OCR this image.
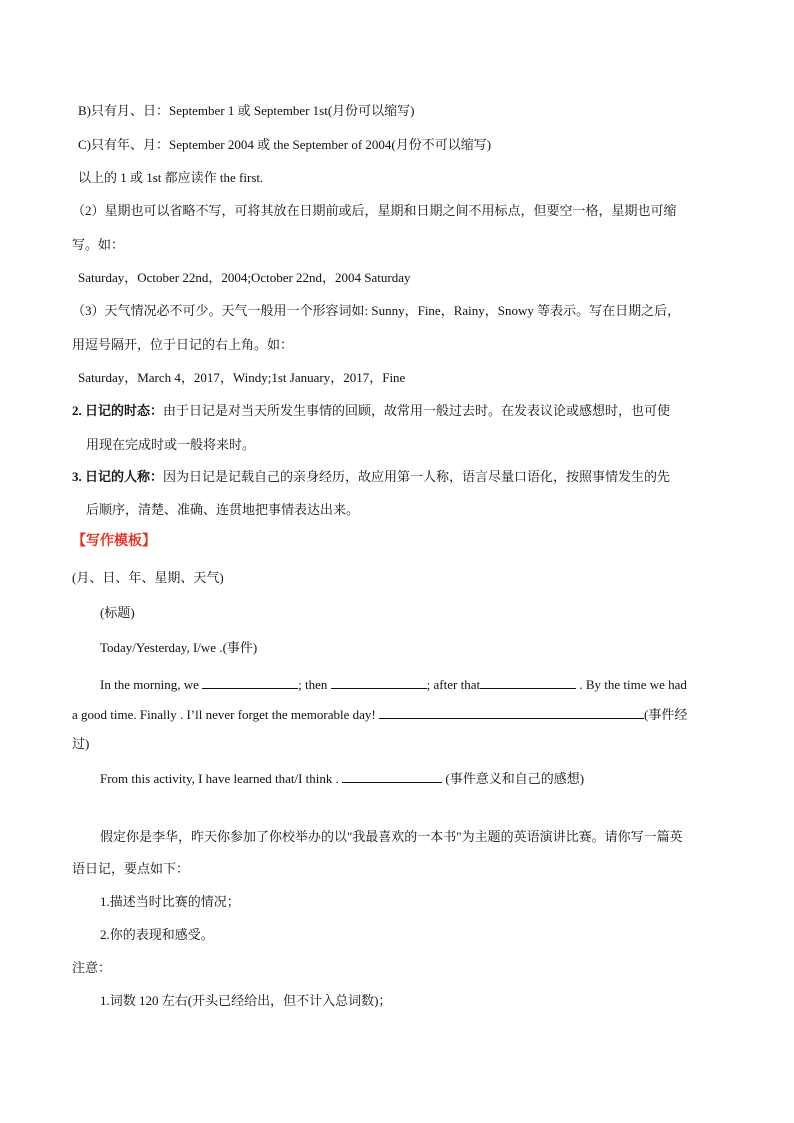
B)只有月、日：September 1 或 September 1st(月份可以缩写)
C)只有年、月：September 2004 或 the September of 2004(月份不可以缩写)
以上的 1 或 1st 都应读作 the first.
（2）星期也可以省略不写，可将其放在日期前或后，星期和日期之间不用标点，但要空一格，星期也可缩
写。如：
Saturday，October 22nd，2004;October 22nd，2004 Saturday
（3）天气情况必不可少。天气一般用一个形容词如: Sunny，Fine，Rainy，Snowy 等表示。写在日期之后，
用逗号隔开，位于日记的右上角。如：
Saturday，March 4，2017，Windy;1st January，2017，Fine
2. 日记的时态：由于日记是对当天所发生事情的回顾，故常用一般过去时。在发表议论或感想时，也可使
用现在完成时或一般将来时。
3. 日记的人称：因为日记是记载自己的亲身经历，故应用第一人称，语言尽量口语化，按照事情发生的先
后顺序，清楚、准确、连贯地把事情表达出来。
【写作模板】
(月、日、年、星期、天气)
(标题)
Today/Yesterday, I/we .(事件)
In the morning, we	; then	; after that	. By the time we had
a good time. Finally . I’ll never forget the memorable day!	(事件经
过)
From this activity, I have learned that/I think .	(事件意义和自己的感想)
假定你是李华，昨天你参加了你校举办的以"我最喜欢的一本书"为主题的英语演讲比赛。请你写一篇英
语日记，要点如下：
1.描述当时比赛的情况；
2.你的表现和感受。
注意：
1.词数 120 左右(开头已经给出，但不计入总词数)；
